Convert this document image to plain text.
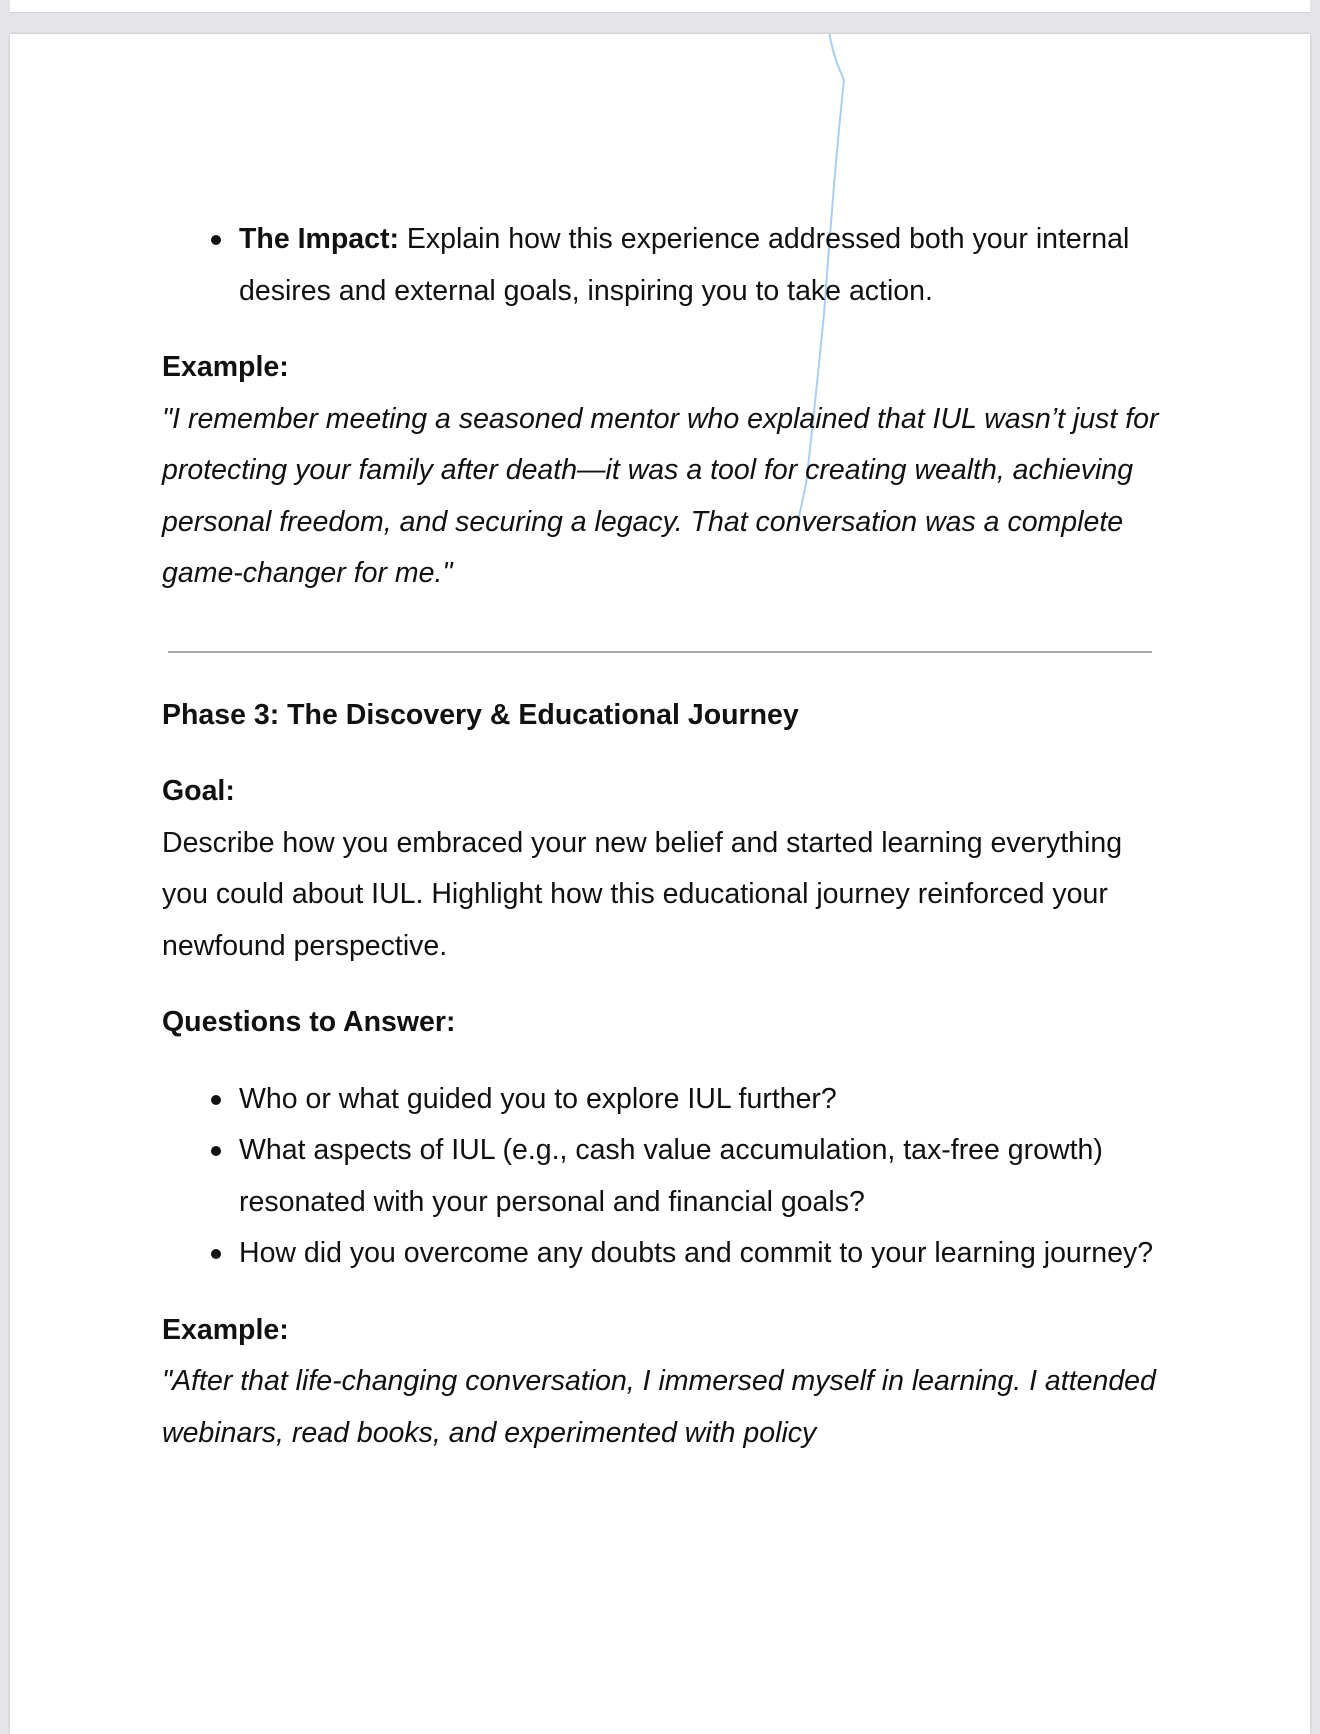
The Impact: Explain how this experience addressed both your internal desires and external goals, inspiring you to take action.

Example:

"I remember meeting a seasoned mentor who explained that IUL wasn’t just for protecting your family after death—it was a tool for creating wealth, achieving personal freedom, and securing a legacy. That conversation was a complete game-changer for me."

Phase 3: The Discovery & Educational Journey

Goal:

Describe how you embraced your new belief and started learning everything you could about IUL. Highlight how this educational journey reinforced your newfound perspective.

Questions to Answer:

Who or what guided you to explore IUL further?
What aspects of IUL (e.g., cash value accumulation, tax-free growth) resonated with your personal and financial goals?
How did you overcome any doubts and commit to your learning journey?

Example:

"After that life-changing conversation, I immersed myself in learning. I attended webinars, read books, and experimented with policy
